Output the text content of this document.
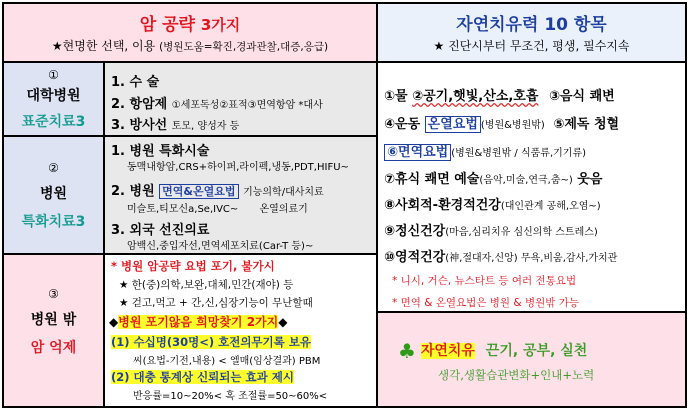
암 공략 3가지
★현명한 선택, 이용 (병원도움=확진,경과관찰,대증,응급)
자연치유력 10 항목
★ 진단시부터 무조건, 평생, 필수지속
①
대학병원
표준치료3
1. 수 술
2. 항암제 ①세포독성②표적③면역항암 *대사
3. 방사선 토모, 양성자 등
②
병원
특화치료3
1. 병원 특화시술
동맥내항암,CRS+하이퍼,라이펙,냉동,PDT,HIFU~
2. 병원 면역&온열요법 기능의학/대사치료
미슬토,티모신a,Se,IVC~ 온열의료기
3. 외국 선진의료
암백신,중입자선,면역세포치료(Car-T 등)~
③
병원 밖
암 억제
* 병원 암공략 요법 포기, 불가시
★ 한(중)의학,보완,대체,민간(재야) 등
★ 걷고,먹고 + 간,신,심장기능이 무난할때
◆병원 포기않음 희망찾기 2가지◆
(1) 수십명(30명<) 호전의무기록 보유
씨(요법-기전,내용) < 엘매(임상결과) PBM
(2) 대충 통계상 신뢰되는 효과 제시
반응률=10~20%< 혹 조절률=50~60%<
①물 ②공기,햇빛,산소,호흡 ③음식 쾌변
④운동 온열요법 (병원&병원밖) ⑤제독 청혈
⑥면역요법 (병원&병원밖 / 식품류,기기류)
⑦휴식 쾌면 예술(음악,미술,연극,춤~) 웃음
⑧사회적-환경적건강(대인관계 공해,오염~)
⑨정신건강(마음,심리치유 심신의학 스트레스)
⑩영적건강(神,절대자,신앙) 무욕,비움,감사,가치관
* 니시, 거슨, 뉴스타트 등 여러 전통요법
* 면역 & 온열요법은 병원 & 병원밖 가능
♣ 자연치유 끈기, 공부, 실천
생각,생활습관변화+인내+노력
